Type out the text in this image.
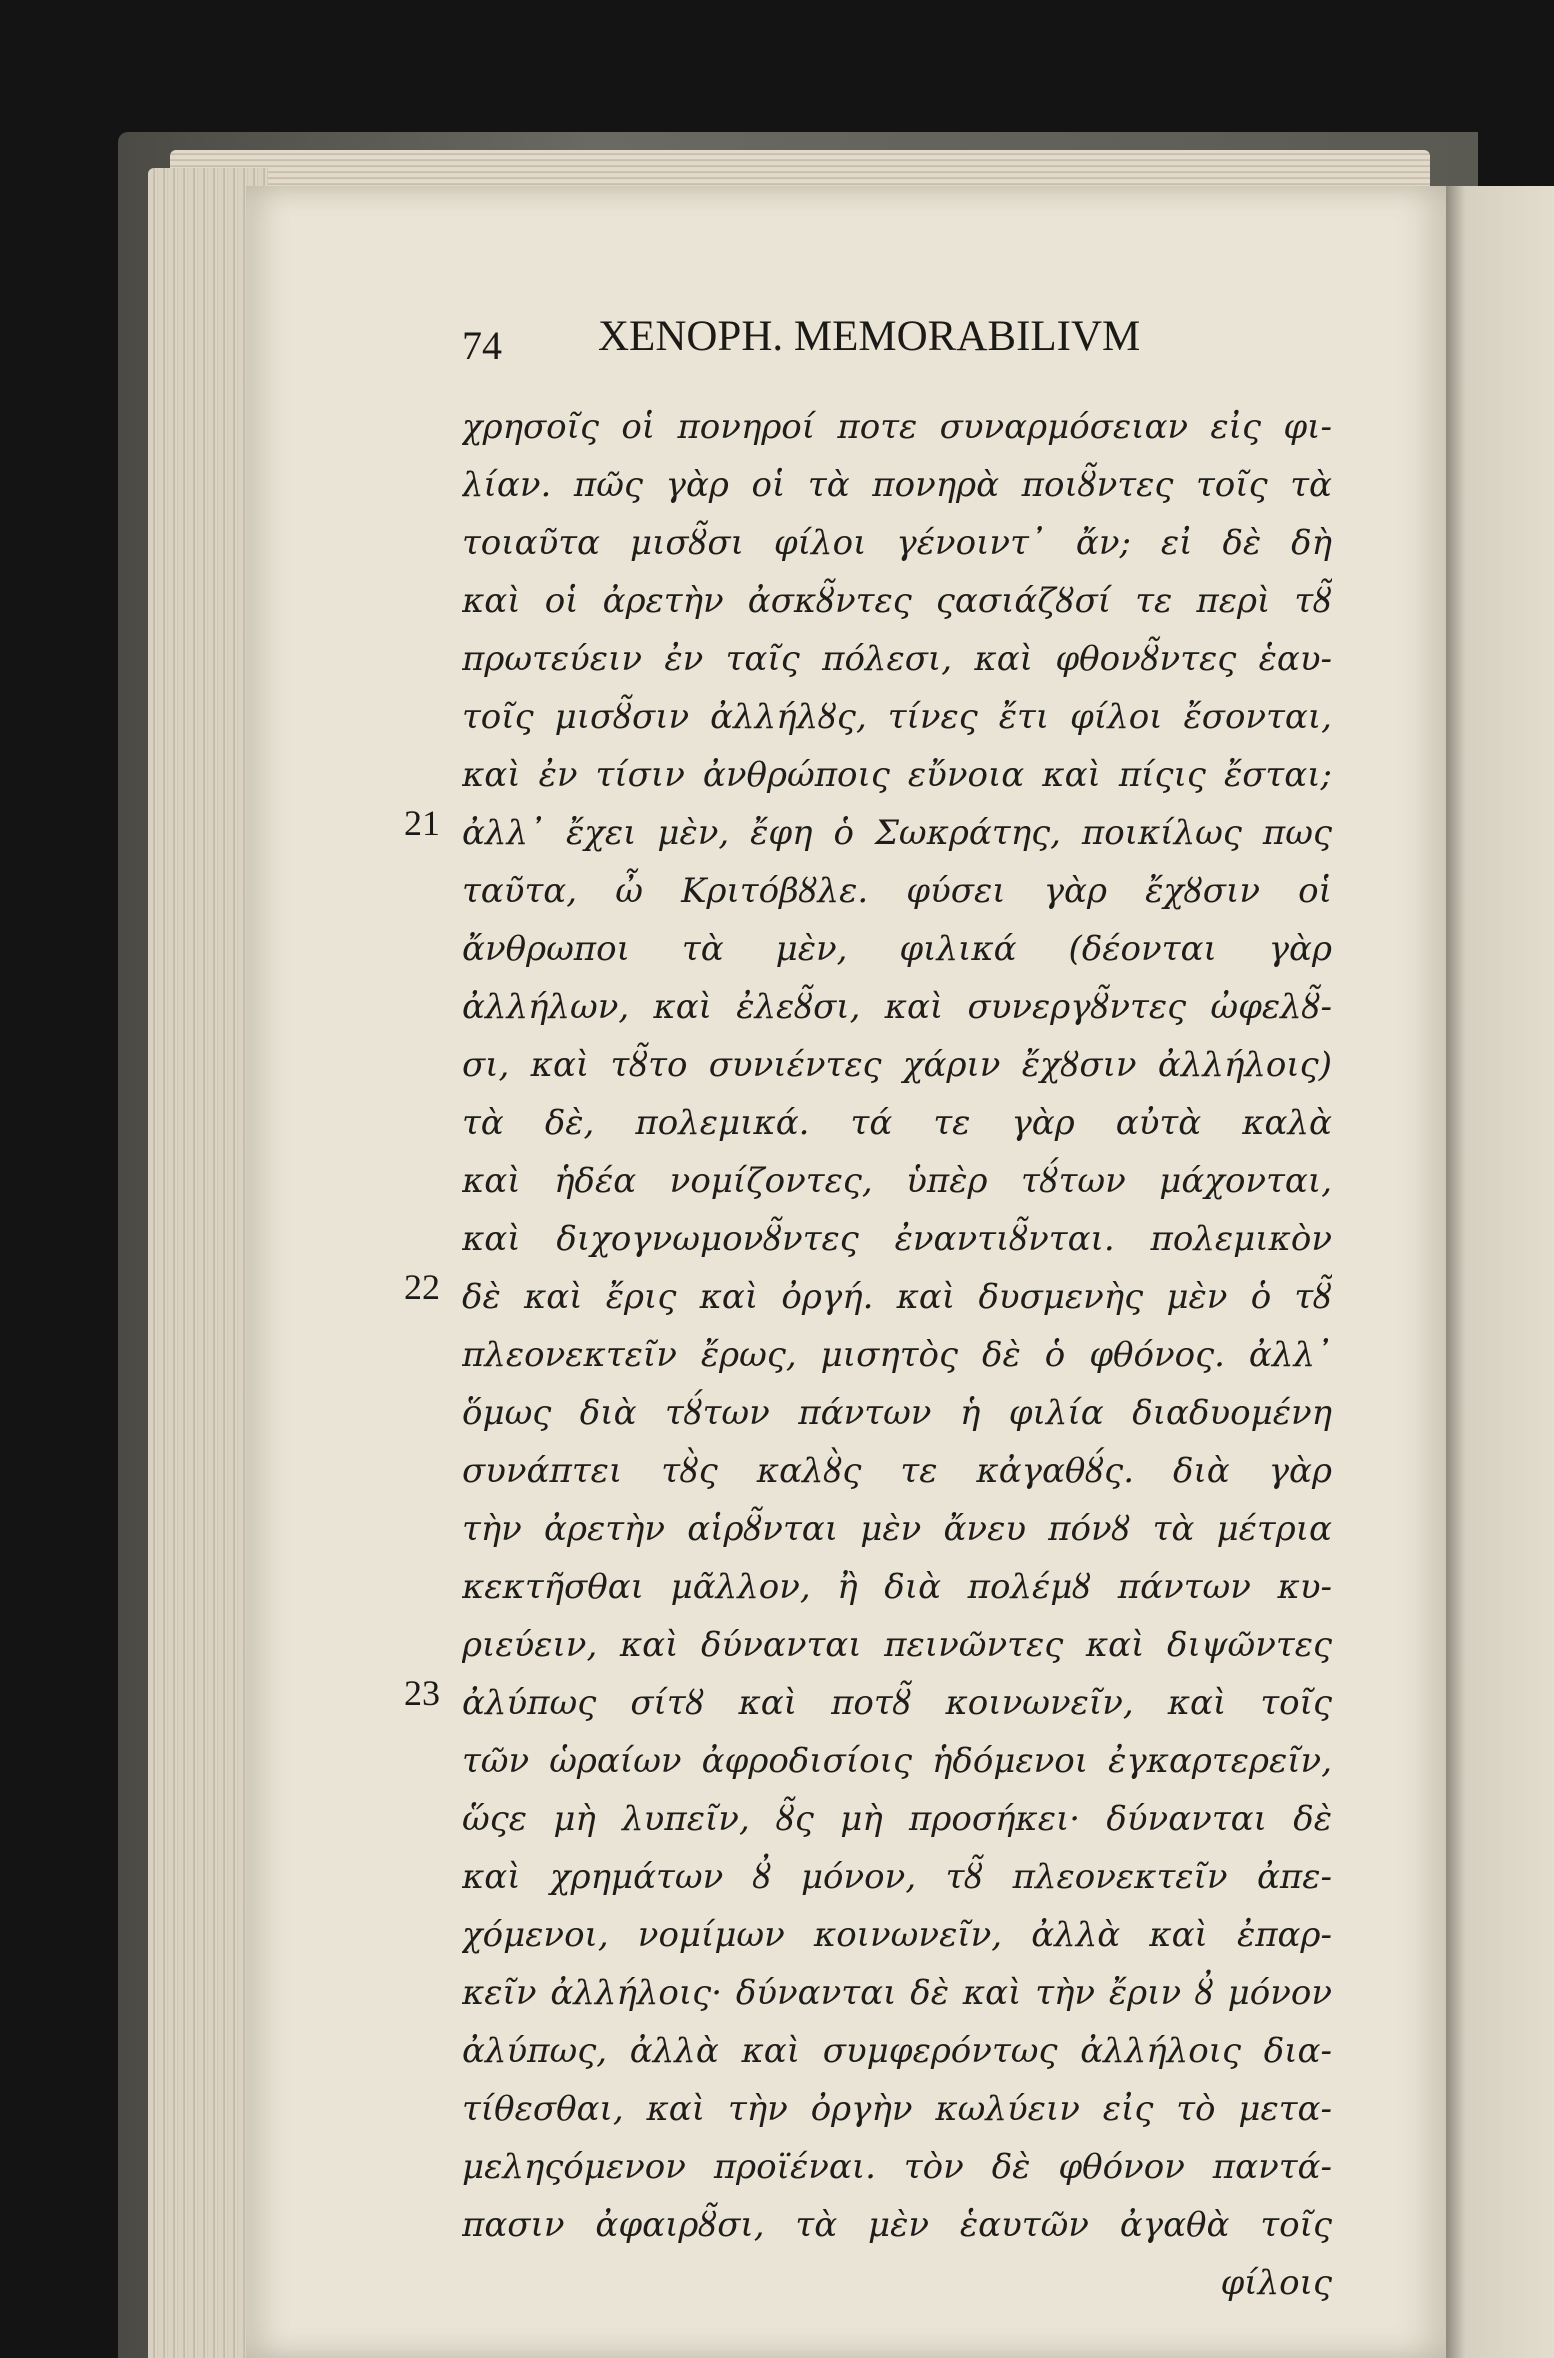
74 XENOPH. MEMORABILIVM
21
22
23
χρησοῖς οἱ πονηροί ποτε συναρμόσειαν εἰς φι-
λίαν. πῶς γὰρ οἱ τὰ πονηρὰ ποιȣ̃ντες τοῖς τὰ
τοιαῦτα μισȣ̃σι φίλοι γένοιντ᾽ ἄν; εἰ δὲ δὴ
καὶ οἱ ἀρετὴν ἀσκȣ̃ντες ςασιάζȣσί τε περὶ τȣ̃
πρωτεύειν ἐν ταῖς πόλεσι, καὶ φθονȣ̃ντες ἑαυ-
τοῖς μισȣ̃σιν ἀλλήλȣς, τίνες ἔτι φίλοι ἔσονται,
καὶ ἐν τίσιν ἀνθρώποις εὔνοια καὶ πίςις ἔσται;
ἀλλ᾽ ἔχει μὲν, ἔφη ὁ Σωκράτης, ποικίλως πως
ταῦτα, ὦ Κριτόβȣλε. φύσει γὰρ ἔχȣσιν οἱ
ἄνθρωποι τὰ μὲν, φιλικά (δέονται γὰρ
ἀλλήλων, καὶ ἐλεȣ̃σι, καὶ συνεργȣ̃ντες ὠφελȣ̃-
σι, καὶ τȣ̃το συνιέντες χάριν ἔχȣσιν ἀλλήλοις)
τὰ δὲ, πολεμικά. τά τε γὰρ αὐτὰ καλὰ
καὶ ἡδέα νομίζοντες, ὑπὲρ τȣ́των μάχονται,
καὶ διχογνωμονȣ̃ντες ἐναντιȣ̃νται. πολεμικὸν
δὲ καὶ ἔρις καὶ ὀργή. καὶ δυσμενὴς μὲν ὁ τȣ̃
πλεονεκτεῖν ἔρως, μισητὸς δὲ ὁ φθόνος. ἀλλ᾽
ὅμως διὰ τȣ́των πάντων ἡ φιλία διαδυομένη
συνάπτει τȣ̀ς καλȣ̀ς τε κἀγαθȣ́ς. διὰ γὰρ
τὴν ἀρετὴν αἱρȣ̃νται μὲν ἄνευ πόνȣ τὰ μέτρια
κεκτῆσθαι μᾶλλον, ἢ διὰ πολέμȣ πάντων κυ-
ριεύειν, καὶ δύνανται πεινῶντες καὶ διψῶντες
ἀλύπως σίτȣ καὶ ποτȣ̃ κοινωνεῖν, καὶ τοῖς
τῶν ὡραίων ἀφροδισίοις ἡδόμενοι ἐγκαρτερεῖν,
ὥςε μὴ λυπεῖν, ȣ̃ς μὴ προσήκει· δύνανται δὲ
καὶ χρημάτων ȣ̓ μόνον, τȣ̃ πλεονεκτεῖν ἀπε-
χόμενοι, νομίμων κοινωνεῖν, ἀλλὰ καὶ ἐπαρ-
κεῖν ἀλλήλοις· δύνανται δὲ καὶ τὴν ἔριν ȣ̓ μόνον
ἀλύπως, ἀλλὰ καὶ συμφερόντως ἀλλήλοις δια-
τίθεσθαι, καὶ τὴν ὀργὴν κωλύειν εἰς τὸ μετα-
μεληςόμενον προϊέναι. τὸν δὲ φθόνον παντά-
πασιν ἀφαιρȣ̃σι, τὰ μὲν ἑαυτῶν ἀγαθὰ τοῖς
φίλοις
